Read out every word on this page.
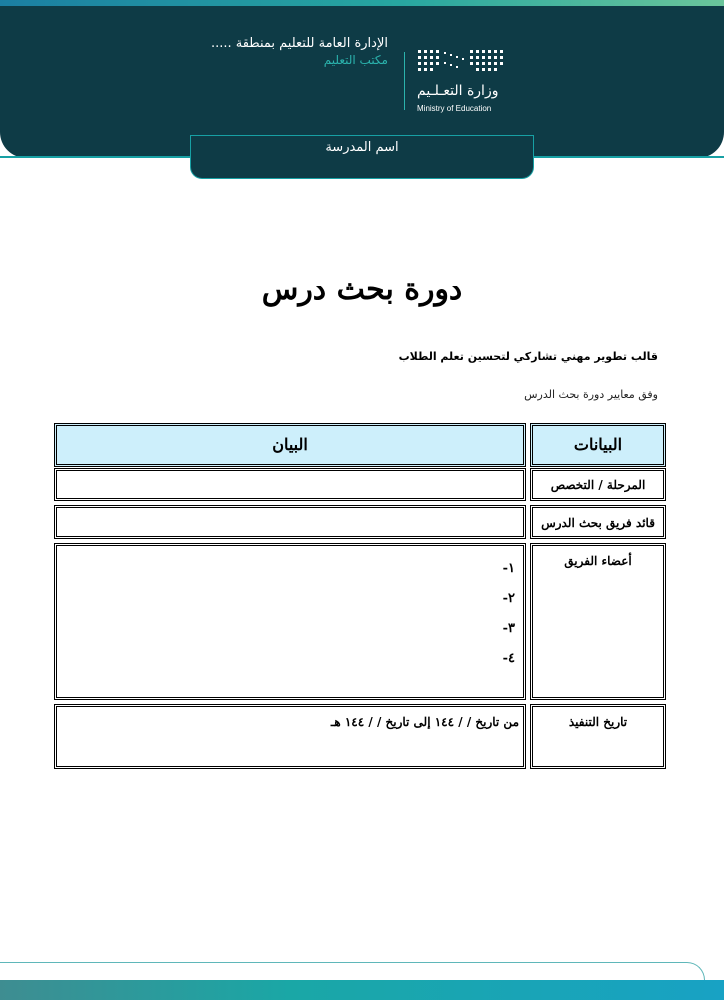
الإدارة العامة للتعليم بمنطقة .....
مكتب التعليم
وزارة التعـلـيم
Ministry of Education
اسم المدرسة
دورة بحث درس
قالب تطوير مهني تشاركي لتحسين تعلم الطلاب
وفق معايير دورة بحث الدرس
البيانات
البيان
المرحلة / التخصص
قائد فريق بحث الدرس
أعضاء الفريق
١-
٢-
٣-
٤-
تاريخ التنفيذ
من تاريخ / / ١٤٤ إلى تاريخ / / ١٤٤ هـ
